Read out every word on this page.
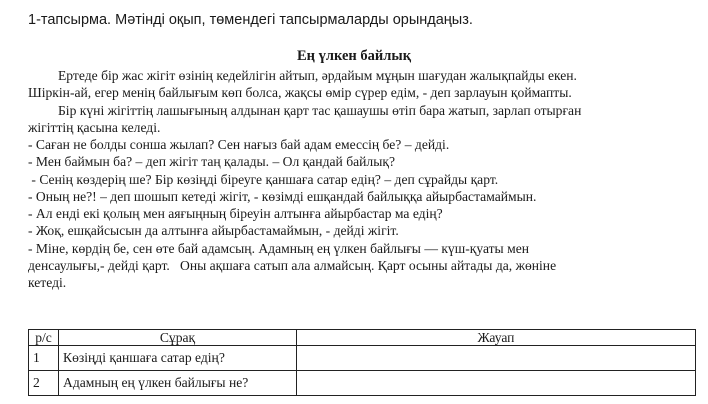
1-тапсырма. Мәтінді оқып, төмендегі тапсырмаларды орындаңыз.
Ең үлкен байлық

Ертеде бір жас жігіт өзінің кедейлігін айтып, әрдайым мұңын шағудан жалықпайды екен.

Шіркін-ай, егер менің байлығым көп болса, жақсы өмір сүрер едім, - деп зарлауын қоймапты.

Бір күні жігіттің лашығының алдынан қарт тас қашаушы өтіп бара жатып, зарлап отырған

жігіттің қасына келеді.

- Саған не болды сонша жылап? Сен нағыз бай адам емессің бе? – дейді.

- Мен баймын ба? – деп жігіт таң қалады. – Ол қандай байлық?

- Сенің көздерің ше? Бір көзіңді біреуге қаншаға сатар едің? – деп сұрайды қарт.

- Оның не?! – деп шошып кетеді жігіт, - көзімді ешқандай байлыққа айырбастамаймын.

- Ал енді екі қолың мен аяғыңның біреуін алтынға айырбастар ма едің?

- Жоқ, ешқайсысын да алтынға айырбастамаймын, - дейді жігіт.

- Міне, көрдің бе, сен өте бай адамсың. Адамның ең үлкен байлығы — күш-қуаты мен

денсаулығы,- дейді қарт.   Оны ақшаға сатып ала алмайсың. Қарт осыны айтады да, жөніне

кетеді.

р/с	Сұрақ	Жауап
1	Көзіңді қаншаға сатар едің?	
2	Адамның ең үлкен байлығы не?	
